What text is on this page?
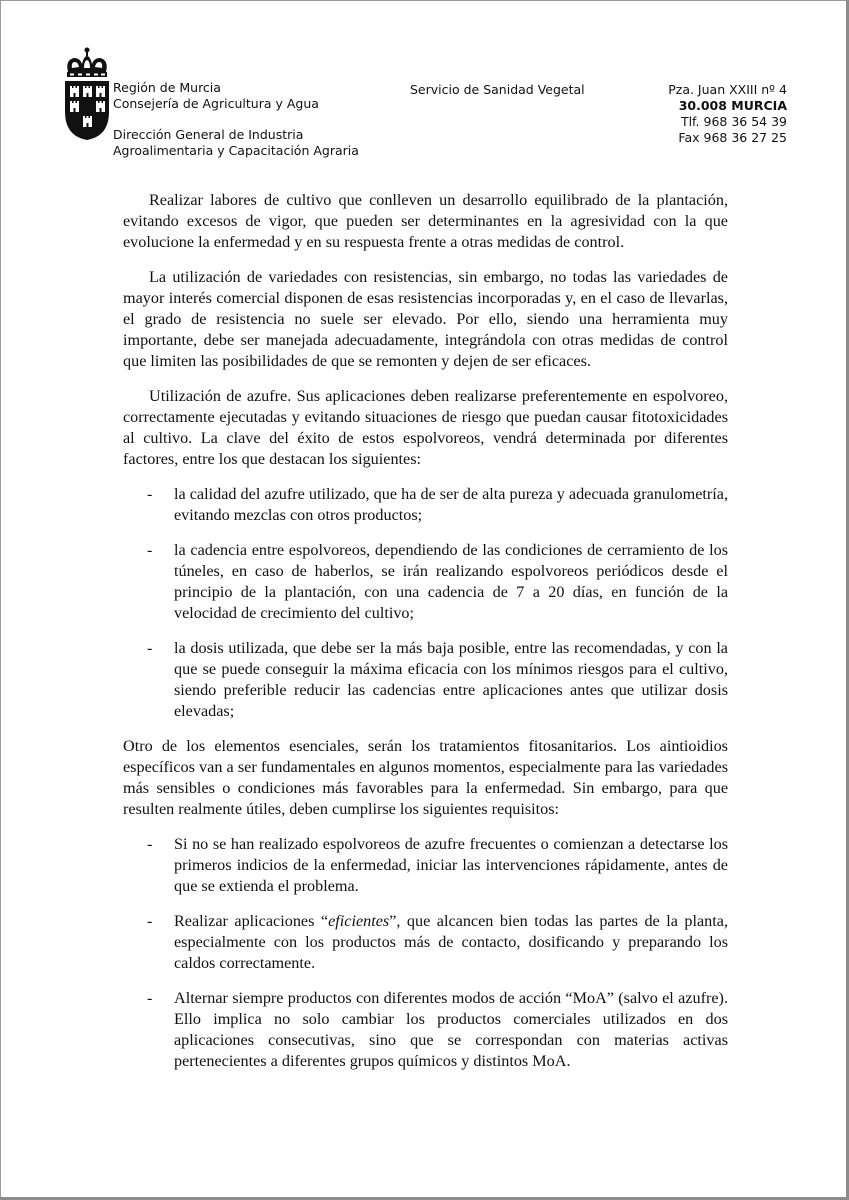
Región de Murcia
Consejería de Agricultura y Agua
Dirección General de Industria
Agroalimentaria y Capacitación Agraria
Servicio de Sanidad Vegetal	Pza. Juan XXIII nº 4
30.008 MURCIA
Tlf. 968 36 54 39
Fax 968 36 27 25

Realizar labores de cultivo que conlleven un desarrollo equilibrado de la plantación, evitando excesos de vigor, que pueden ser determinantes en la agresividad con la que evolucione la enfermedad y en su respuesta frente a otras medidas de control.

La utilización de variedades con resistencias, sin embargo, no todas las variedades de mayor interés comercial disponen de esas resistencias incorporadas y, en el caso de llevarlas, el grado de resistencia no suele ser elevado. Por ello, siendo una herramienta muy importante, debe ser manejada adecuadamente, integrándola con otras medidas de control que limiten las posibilidades de que se remonten y dejen de ser eficaces.

Utilización de azufre. Sus aplicaciones deben realizarse preferentemente en espolvoreo, correctamente ejecutadas y evitando situaciones de riesgo que puedan causar fitotoxicidades al cultivo. La clave del éxito de estos espolvoreos, vendrá determinada por diferentes factores, entre los que destacan los siguientes:

- la calidad del azufre utilizado, que ha de ser de alta pureza y adecuada granulometría, evitando mezclas con otros productos;
- la cadencia entre espolvoreos, dependiendo de las condiciones de cerramiento de los túneles, en caso de haberlos, se irán realizando espolvoreos periódicos desde el principio de la plantación, con una cadencia de 7 a 20 días, en función de la velocidad de crecimiento del cultivo;
- la dosis utilizada, que debe ser la más baja posible, entre las recomendadas, y con la que se puede conseguir la máxima eficacia con los mínimos riesgos para el cultivo, siendo preferible reducir las cadencias entre aplicaciones antes que utilizar dosis elevadas;

Otro de los elementos esenciales, serán los tratamientos fitosanitarios. Los aintioidios específicos van a ser fundamentales en algunos momentos, especialmente para las variedades más sensibles o condiciones más favorables para la enfermedad. Sin embargo, para que resulten realmente útiles, deben cumplirse los siguientes requisitos:

- Si no se han realizado espolvoreos de azufre frecuentes o comienzan a detectarse los primeros indicios de la enfermedad, iniciar las intervenciones rápidamente, antes de que se extienda el problema.
- Realizar aplicaciones “eficientes”, que alcancen bien todas las partes de la planta, especialmente con los productos más de contacto, dosificando y preparando los caldos correctamente.
- Alternar siempre productos con diferentes modos de acción “MoA” (salvo el azufre). Ello implica no solo cambiar los productos comerciales utilizados en dos aplicaciones consecutivas, sino que se correspondan con materias activas pertenecientes a diferentes grupos químicos y distintos MoA.
